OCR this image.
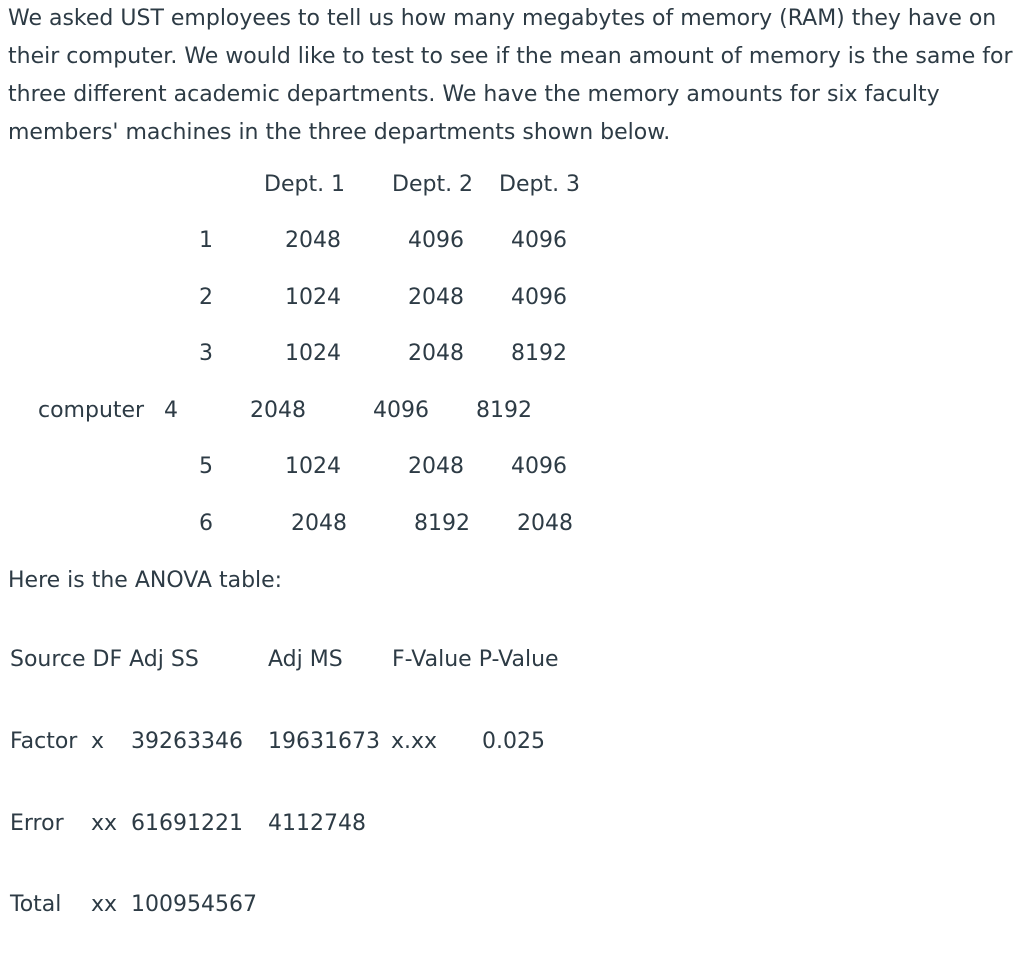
We asked UST employees to tell us how many megabytes of memory (RAM) they have on their computer. We would like to test to see if the mean amount of memory is the same for three different academic departments. We have the memory amounts for six faculty members' machines in the three departments shown below.

Dept. 1 Dept. 2 Dept. 3
1	2048	4096 4096
2	1024	2048 4096
3	1024	2048 8192
computer 4	2048	4096 8192
5	1024	2048 4096
6	2048	8192 2048
Here is the ANOVA table:
Source DF Adj SS	Adj MS F-Value P-Value
Factor x 39263346 19631673 x.xx 0.025
Error xx 61691221 4112748
Total xx 100954567
